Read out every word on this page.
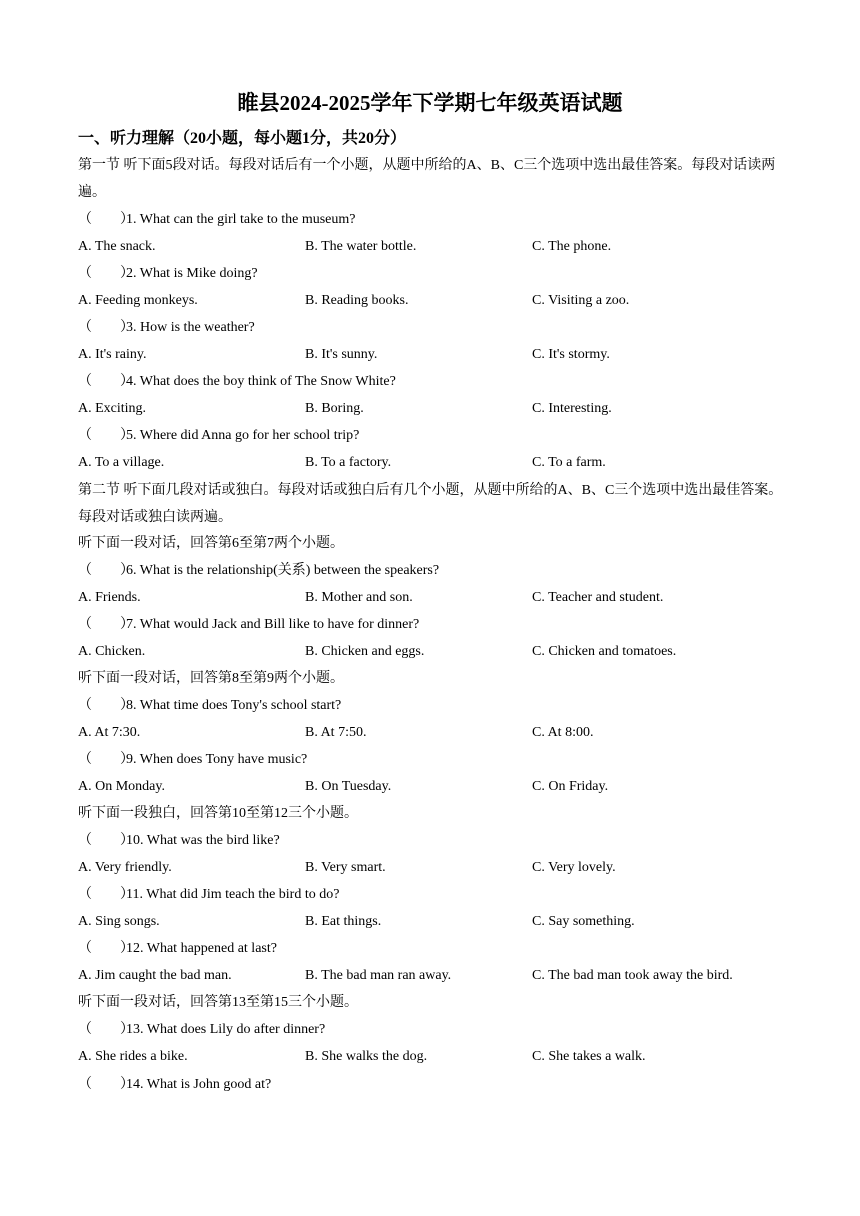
睢县2024-2025学年下学期七年级英语试题
一、听力理解（20小题，每小题1分，共20分）
第一节 听下面5段对话。每段对话后有一个小题，从题中所给的A、B、C三个选项中选出最佳答案。每段对话读两遍。
（　　）1. What can the girl take to the museum?
A. The snack.	B. The water bottle.	C. The phone.
（　　）2. What is Mike doing?
A. Feeding monkeys.	B. Reading books.	C. Visiting a zoo.
（　　）3. How is the weather?
A. It's rainy.	B. It's sunny.	C. It's stormy.
（　　）4. What does the boy think of The Snow White?
A. Exciting.	B. Boring.	C. Interesting.
（　　）5. Where did Anna go for her school trip?
A. To a village.	B. To a factory.	C. To a farm.
第二节 听下面几段对话或独白。每段对话或独白后有几个小题，从题中所给的A、B、C三个选项中选出最佳答案。每段对话或独白读两遍。
听下面一段对话，回答第6至第7两个小题。
（　　）6. What is the relationship(关系) between the speakers?
A. Friends.	B. Mother and son.	C. Teacher and student.
（　　）7. What would Jack and Bill like to have for dinner?
A. Chicken.	B. Chicken and eggs.	C. Chicken and tomatoes.
听下面一段对话，回答第8至第9两个小题。
（　　）8. What time does Tony's school start?
A. At 7:30.	B. At 7:50.	C. At 8:00.
（　　）9. When does Tony have music?
A. On Monday.	B. On Tuesday.	C. On Friday.
听下面一段独白，回答第10至第12三个小题。
（　　）10. What was the bird like?
A. Very friendly.	B. Very smart.	C. Very lovely.
（　　）11. What did Jim teach the bird to do?
A. Sing songs.	B. Eat things.	C. Say something.
（　　）12. What happened at last?
A. Jim caught the bad man.	B. The bad man ran away.	C. The bad man took away the bird.
听下面一段对话，回答第13至第15三个小题。
（　　）13. What does Lily do after dinner?
A. She rides a bike.	B. She walks the dog.	C. She takes a walk.
（　　）14. What is John good at?
